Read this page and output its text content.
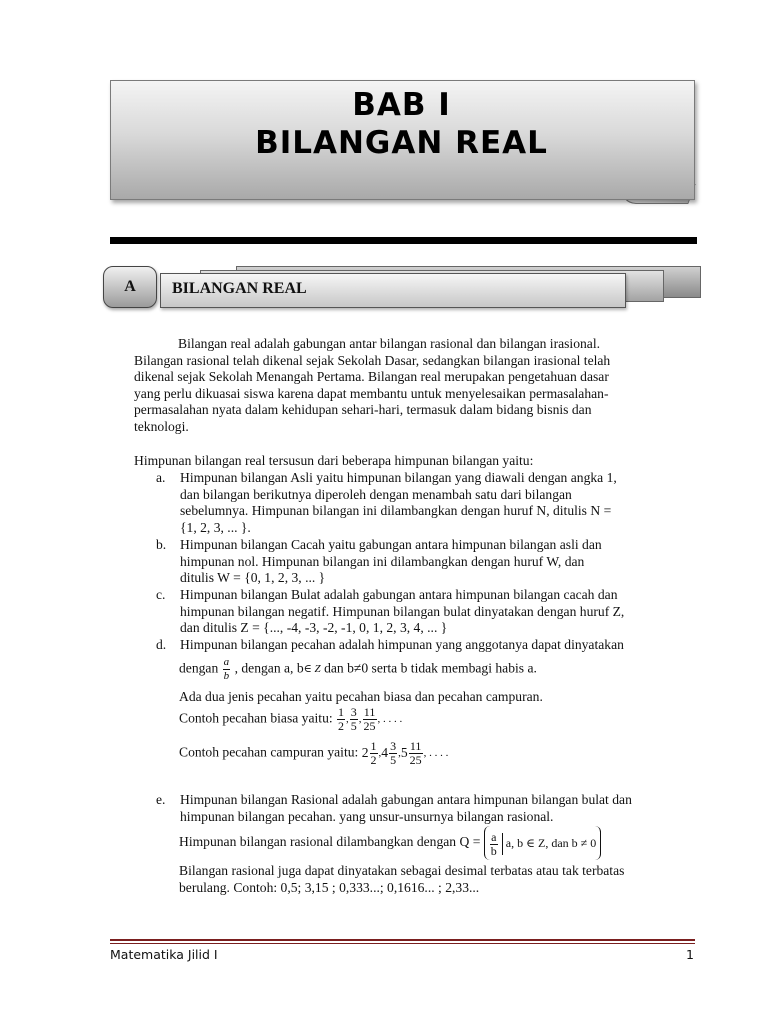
BAB I
BILANGAN REAL
A	BILANGAN REAL
Bilangan real adalah gabungan antar bilangan rasional dan bilangan irasional.
Bilangan rasional telah dikenal sejak Sekolah Dasar, sedangkan bilangan irasional telah
dikenal sejak Sekolah Menangah Pertama. Bilangan real merupakan pengetahuan dasar
yang perlu dikuasai siswa karena dapat membantu untuk menyelesaikan permasalahan-
permasalahan nyata dalam kehidupan sehari-hari, termasuk dalam bidang bisnis dan
teknologi.
Himpunan bilangan real tersusun dari beberapa himpunan bilangan yaitu:
a.	Himpunan bilangan Asli yaitu himpunan bilangan yang diawali dengan angka 1,
dan bilangan berikutnya diperoleh dengan menambah satu dari bilangan
sebelumnya. Himpunan bilangan ini dilambangkan dengan huruf N, ditulis N =
{1, 2, 3, ... }.
b.	Himpunan bilangan Cacah yaitu gabungan antara himpunan bilangan asli dan
himpunan nol. Himpunan bilangan ini dilambangkan dengan huruf W, dan
ditulis W = {0, 1, 2, 3, ... }
c.	Himpunan bilangan Bulat adalah gabungan antara himpunan bilangan cacah dan
himpunan bilangan negatif. Himpunan bilangan bulat dinyatakan dengan huruf Z,
dan ditulis Z = {..., -4, -3, -2, -1, 0, 1, 2, 3, 4, ... }
d.	Himpunan bilangan pecahan adalah himpunan yang anggotanya dapat dinyatakan
dengan $\frac{a}{b}$ , dengan a, b∈ Z dan b≠0 serta b tidak membagi habis a.
Ada dua jenis pecahan yaitu pecahan biasa dan pecahan campuran.
Contoh pecahan biasa yaitu: $\frac{1}{2}$ , $\frac{3}{5}$ , $\frac{11}{25}$ , . . . .
Contoh pecahan campuran yaitu: $2 \frac{1}{2} ,4 \frac{3}{5} ,5 \frac{11}{25}$ , . . . .
e.	Himpunan bilangan Rasional adalah gabungan antara himpunan bilangan bulat dan
himpunan bilangan pecahan. yang unsur-unsurnya bilangan rasional.
Himpunan bilangan rasional dilambangkan dengan $Q = \frac{a}{b} a$, b ∈ Z, dan b ≠ 0
Bilangan rasional juga dapat dinyatakan sebagai desimal terbatas atau tak terbatas
berulang. Contoh: 0,5; 3,15 ; 0,333...; 0,1616... ; 2,33...
Matematika Jilid I	1
